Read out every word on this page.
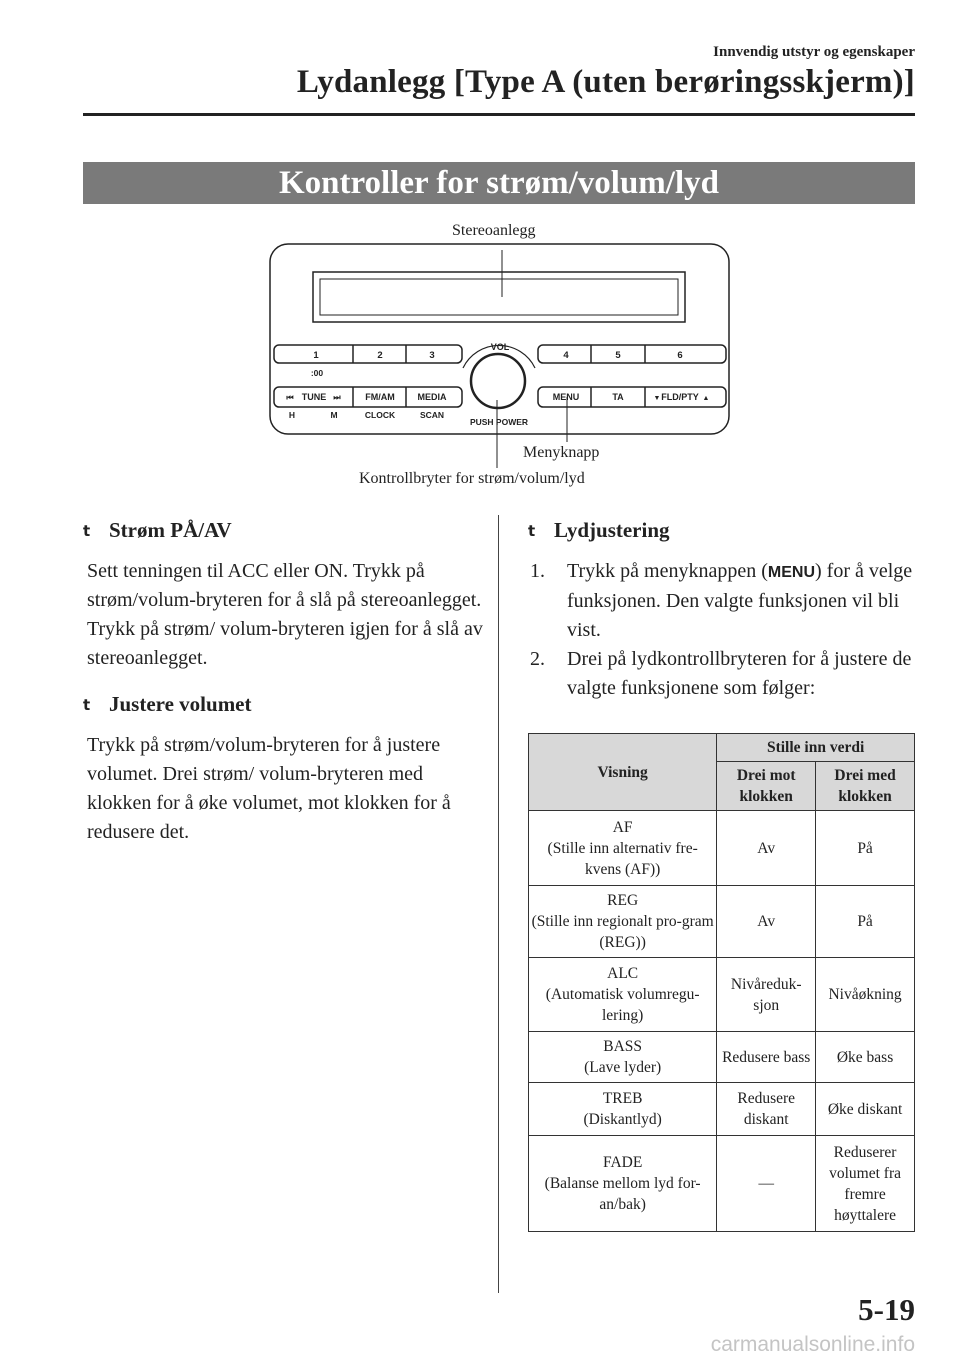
Innvendig utstyr og egenskaper
Lydanlegg [Type A (uten berøringsskjerm)]
Kontroller for strøm/volum/lyd
1	2	3	4	5	6
:00
VOL
PUSH POWER
⏮ TUNE ⏭	FM/AM	MEDIA	MENU	TA	▼ FLD/PTY ▲
H	M	CLOCK	SCAN
Stereoanlegg
Menyknapp
Kontrollbryter for strøm/volum/lyd
t Strøm PÅ/AV

Sett tenningen til ACC eller ON. Trykk på strøm/volum-bryteren for å slå på stereoanlegget. Trykk på strøm/ volum-bryteren igjen for å slå av stereoanlegget.

t Justere volumet

Trykk på strøm/volum-bryteren for å justere volumet. Drei strøm/ volum-bryteren med klokken for å øke volumet, mot klokken for å redusere det.

t Lydjustering
1.	Trykk på menyknappen (MENU) for å velge funksjonen. Den valgte funksjonen vil bli vist.
2.	Drei på lydkontrollbryteren for å justere de valgte funksjonene som følger:
Visning	Stille inn verdi	
	Drei mot klokken	Drei med klokken

AF
(Stille inn alternativ fre-kvens (AF))	Av	På

REG
(Stille inn regionalt pro-gram (REG))	Av	På

ALC
(Automatisk volumregu-lering)	Nivåreduk-sjon	Nivåøkning

BASS
(Lave lyder)	Redusere bass	Øke bass

TREB
(Diskantlyd)	Redusere diskant	Øke diskant

FADE
(Balanse mellom lyd for-an/bak)	—	Reduserer volumet fra fremre høyttalere
5-19
carmanualsonline.info
